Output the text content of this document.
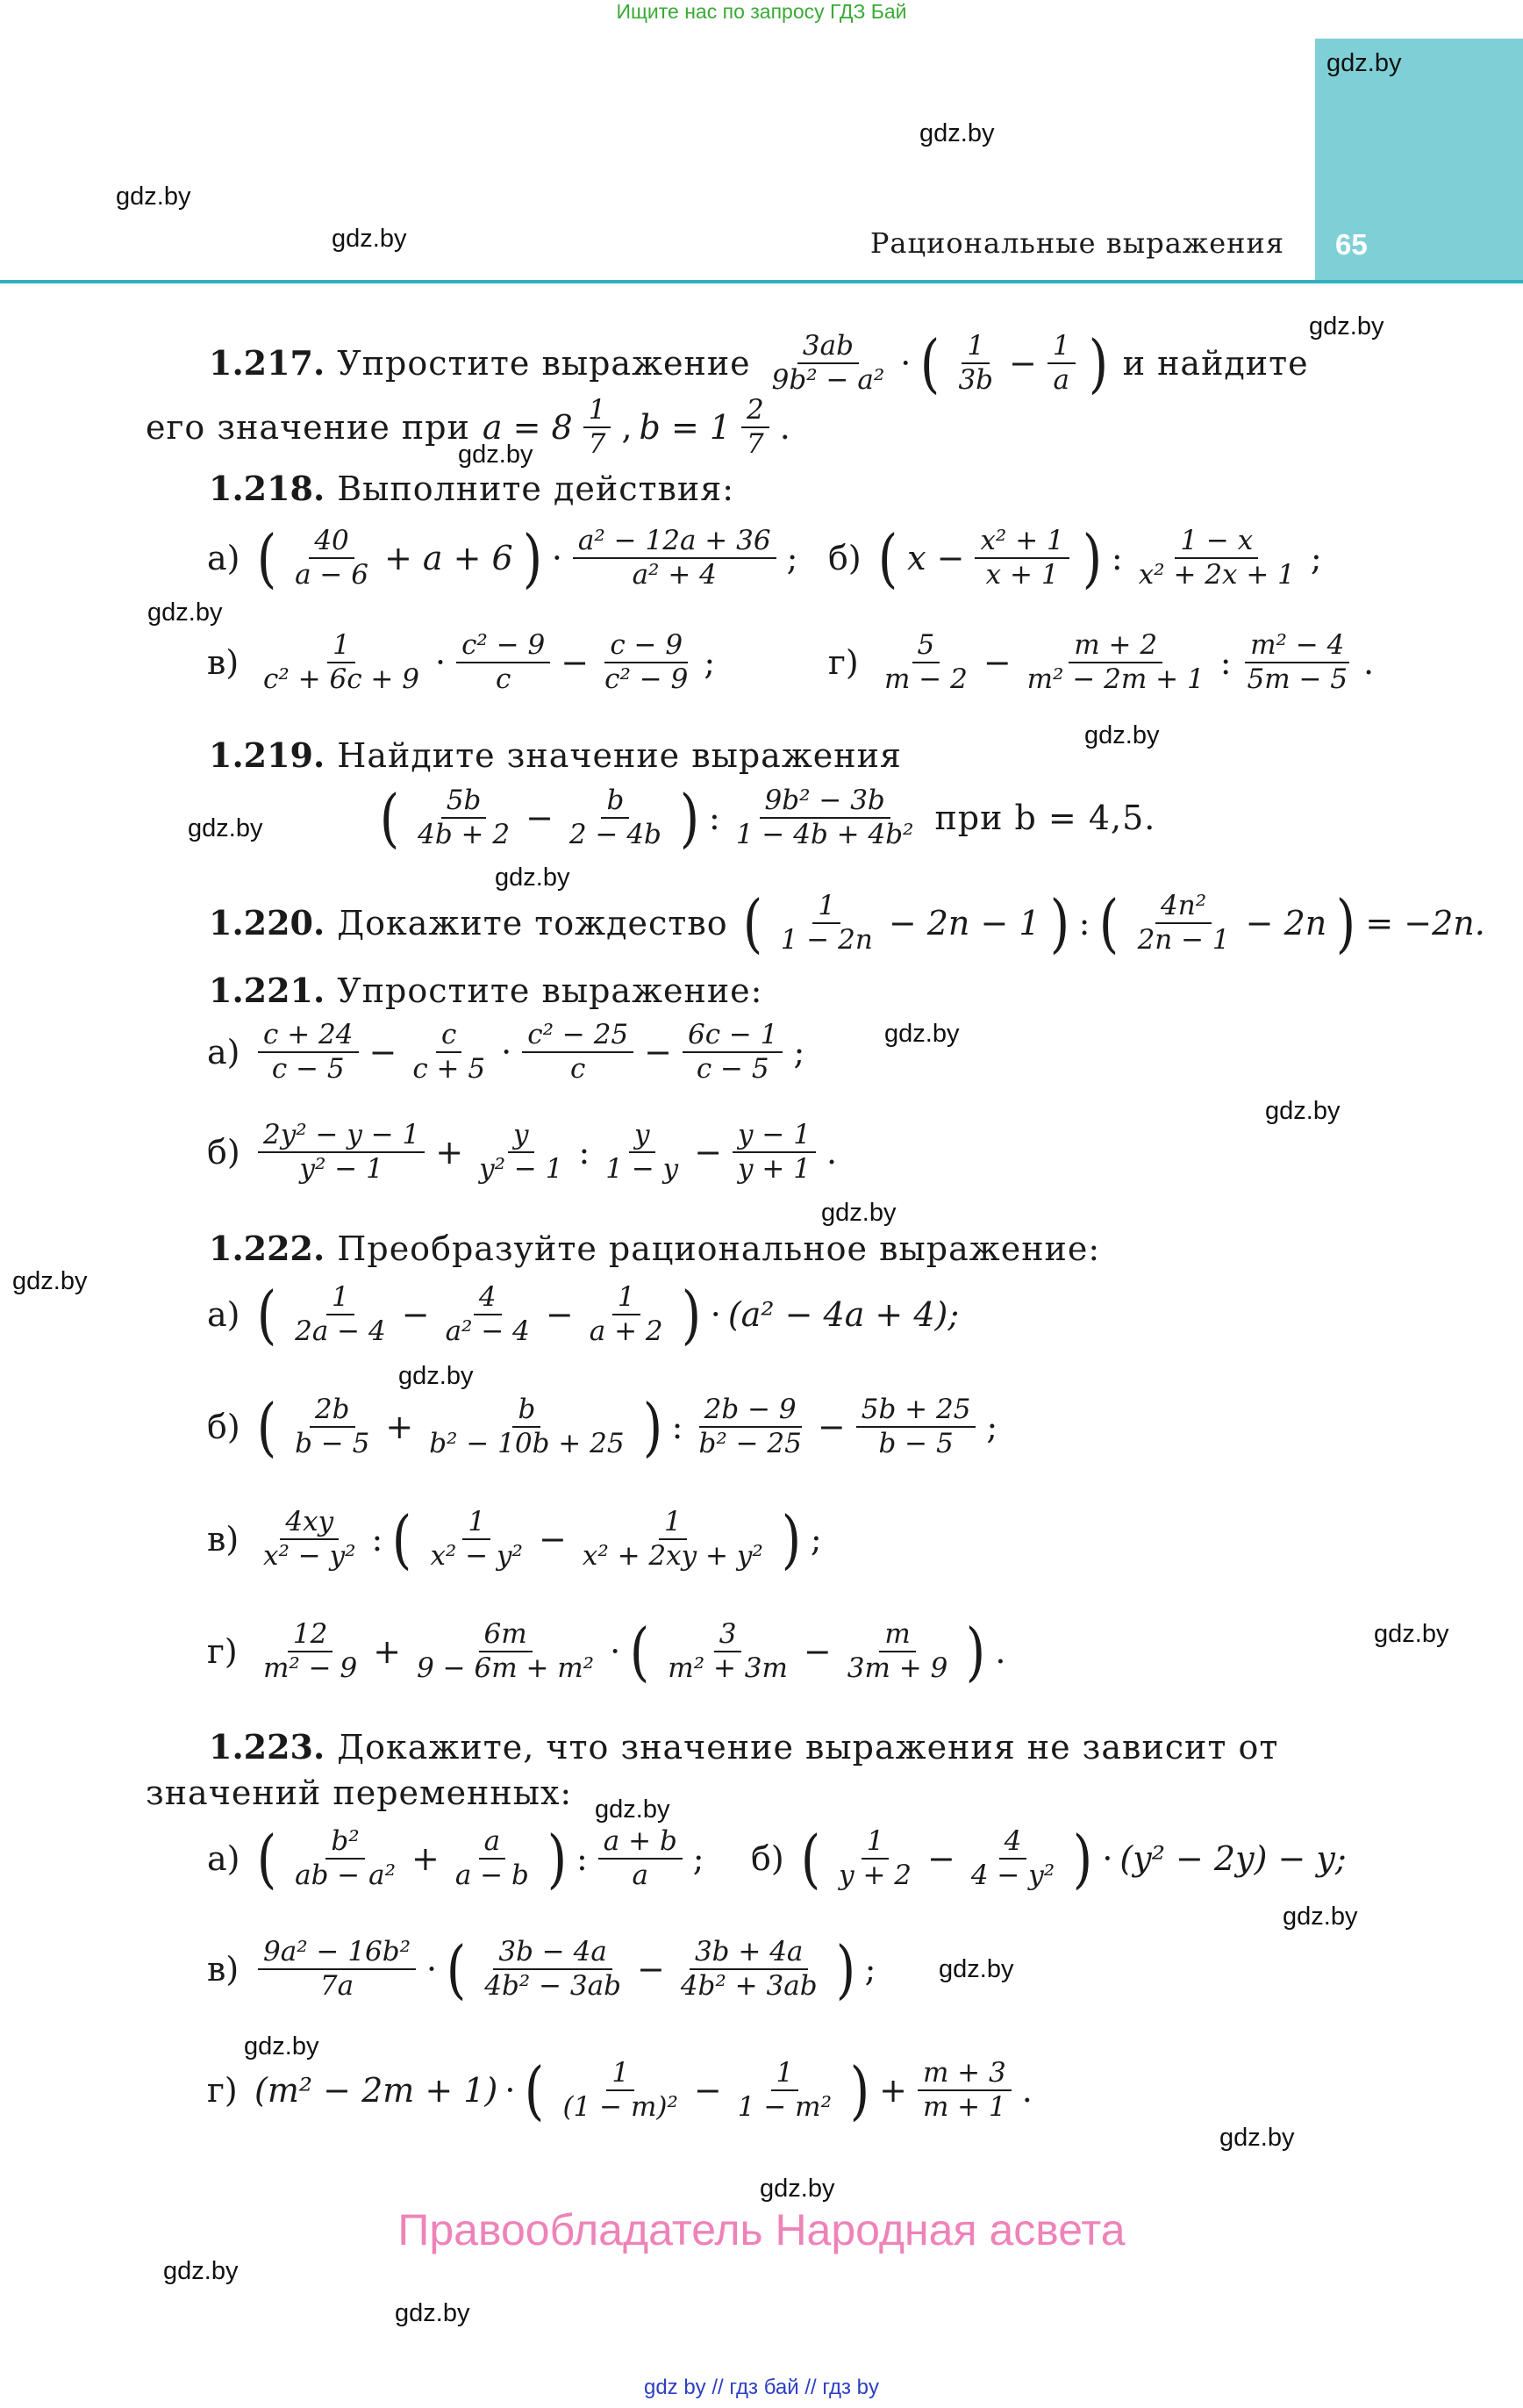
Ищите нас по запросу ГДЗ Бай
65
Рациональные выражения
gdz.by
gdz.by
gdz.by
gdz.by
gdz.by
gdz.by
gdz.by
gdz.by
gdz.by
gdz.by
gdz.by
gdz.by
gdz.by
gdz.by
gdz.by
gdz.by
gdz.by
gdz.by
gdz.by
gdz.by
gdz.by
gdz.by
gdz.by
gdz.by
1.217. Упростите выражение $\frac{3ab}{\text{9b² − a²}}$ · ( $\frac{1}{3b} - \frac{1}{a}$ ) и найдите
его значение при $a = 8 \frac{1}{7}$ , $b = 1 \frac{2}{7}$ .
1.218. Выполните действия:
а) ( $\frac{40}{a - 6} + a + 6$ ) · $\frac{\text{a² − 12a + 36}}{\text{a² + 4}}$ ; б) ( $x - \frac{\text{x² + 1}}{x + 1}$ ) : $\frac{1 - x}{\text{x² + 2x + 1}}$ ;
$в) \frac{1}{\text{c² + 6c + 9}} \cdot \frac{\text{c² − 9}}{c} - \frac{c - 9}{\text{c² − 9}}$ ;	$г) \frac{5}{m - 2} - \frac{m + 2}{\text{m² − 2m + 1}}$ : $\frac{\text{m² − 4}}{5m - 5}$ .
1.219. Найдите значение выражения
( $\frac{5b}{4b + 2} - \frac{b}{2 - 4b}$ ) : $\frac{\text{9b² − 3b}}{\text{1 − 4b + 4b²}}$ при b = 4,5.
1.220. Докажите тождество ( $\frac{1}{1 - 2n} - 2n - 1$ ) : ( $\frac{\text{4n²}}{2n - 1} - 2n$ ) = −2n.
1.221. Упростите выражение:
$а) \frac{c + 24}{c - 5} - \frac{c}{c + 5} \cdot \frac{\text{c² − 25}}{c} - \frac{6c - 1}{c - 5}$ ;
$б) \frac{\text{2y² − y − 1}}{\text{y² − 1}} + \frac{y}{\text{y² − 1}}$ : $\frac{y}{1 - y} - \frac{y - 1}{y + 1}$ .
1.222. Преобразуйте рациональное выражение:
а) ( $\frac{1}{2a - 4} - \frac{4}{\text{a² − 4}} - \frac{1}{a + 2}$ ) · (a² − 4a + 4);
б) ( $\frac{2b}{b - 5} + \frac{b}{\text{b² − 10b + 25}}$ ) : $\frac{2b - 9}{\text{b² − 25}} - \frac{5b + 25}{b - 5}$ ;
$в) \frac{4xy}{\text{x² − y²}}$ : ( $\frac{1}{\text{x² − y²}} - \frac{1}{\text{x² + 2xy + y²}}$ ) ;
$г) \frac{12}{\text{m² − 9}} + \frac{6m}{\text{9 − 6m + m²}}$ · ( $\frac{3}{\text{m² + 3m}} - \frac{m}{3m + 9}$ ) .
1.223. Докажите, что значение выражения не зависит от
значений переменных:
а) ( $\frac{\text{b²}}{\text{ab − a²}} + \frac{a}{a - b}$ ) : $\frac{a + b}{a}$ ; б) ( $\frac{1}{y + 2} - \frac{4}{\text{4 − y²}}$ ) · (y² − 2y) − y;
$в) \frac{\text{9a² − 16b²}}{7a}$ · ( $\frac{3b - 4a}{\text{4b² − 3ab}} - \frac{3b + 4a}{\text{4b² + 3ab}}$ ) ;
г) (m² − 2m + 1) · ( $\frac{1}{\text{(1 − m)²}} - \frac{1}{\text{1 − m²}}$ ) + $\frac{m + 3}{m + 1}$ .
Правообладатель Народная асвета
gdz by // гдз бай // гдз by
